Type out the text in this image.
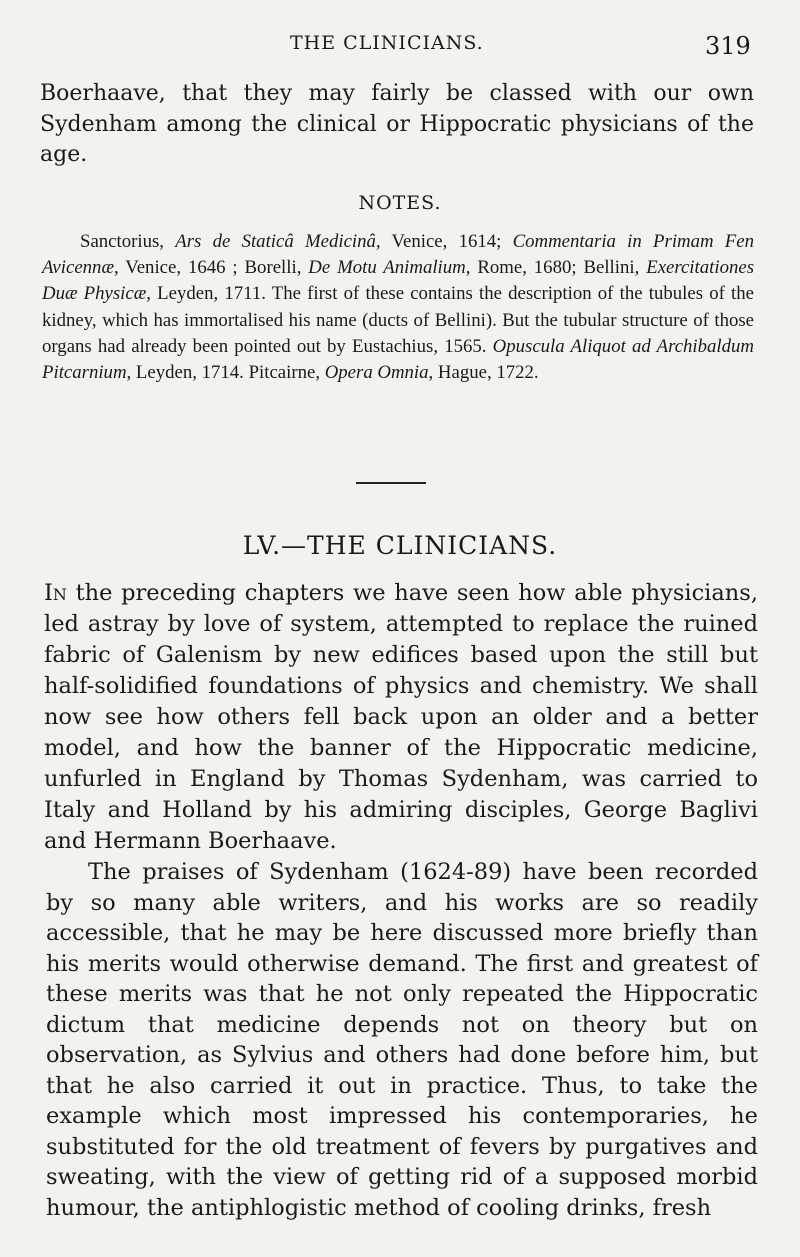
THE CLINICIANS.	319

Boerhaave, that they may fairly be classed with our own Sydenham among the clinical or Hippocratic physicians of the age.

NOTES.

Sanctorius, Ars de Staticâ Medicinâ, Venice, 1614; Commentaria in Primam Fen Avicennæ, Venice, 1646 ; Borelli, De Motu Animalium, Rome, 1680; Bellini, Exercitationes Duæ Physicæ, Leyden, 1711. The first of these contains the description of the tubules of the kidney, which has immortalised his name (ducts of Bellini). But the tubular structure of those organs had already been pointed out by Eustachius, 1565. Opuscula Aliquot ad Archibaldum Pitcarnium, Leyden, 1714. Pitcairne, Opera Omnia, Hague, 1722.

LV.—THE CLINICIANS.

In the preceding chapters we have seen how able physicians, led astray by love of system, attempted to replace the ruined fabric of Galenism by new edifices based upon the still but half-solidified foundations of physics and chemistry. We shall now see how others fell back upon an older and a better model, and how the banner of the Hippocratic medicine, unfurled in England by Thomas Sydenham, was carried to Italy and Holland by his admiring disciples, George Baglivi and Hermann Boerhaave.

The praises of Sydenham (1624-89) have been recorded by so many able writers, and his works are so readily accessible, that he may be here discussed more briefly than his merits would otherwise demand. The first and greatest of these merits was that he not only repeated the Hippocratic dictum that medicine depends not on theory but on observation, as Sylvius and others had done before him, but that he also carried it out in practice. Thus, to take the example which most impressed his contemporaries, he substituted for the old treatment of fevers by purgatives and sweating, with the view of getting rid of a supposed morbid humour, the antiphlogistic method of cooling drinks, fresh
